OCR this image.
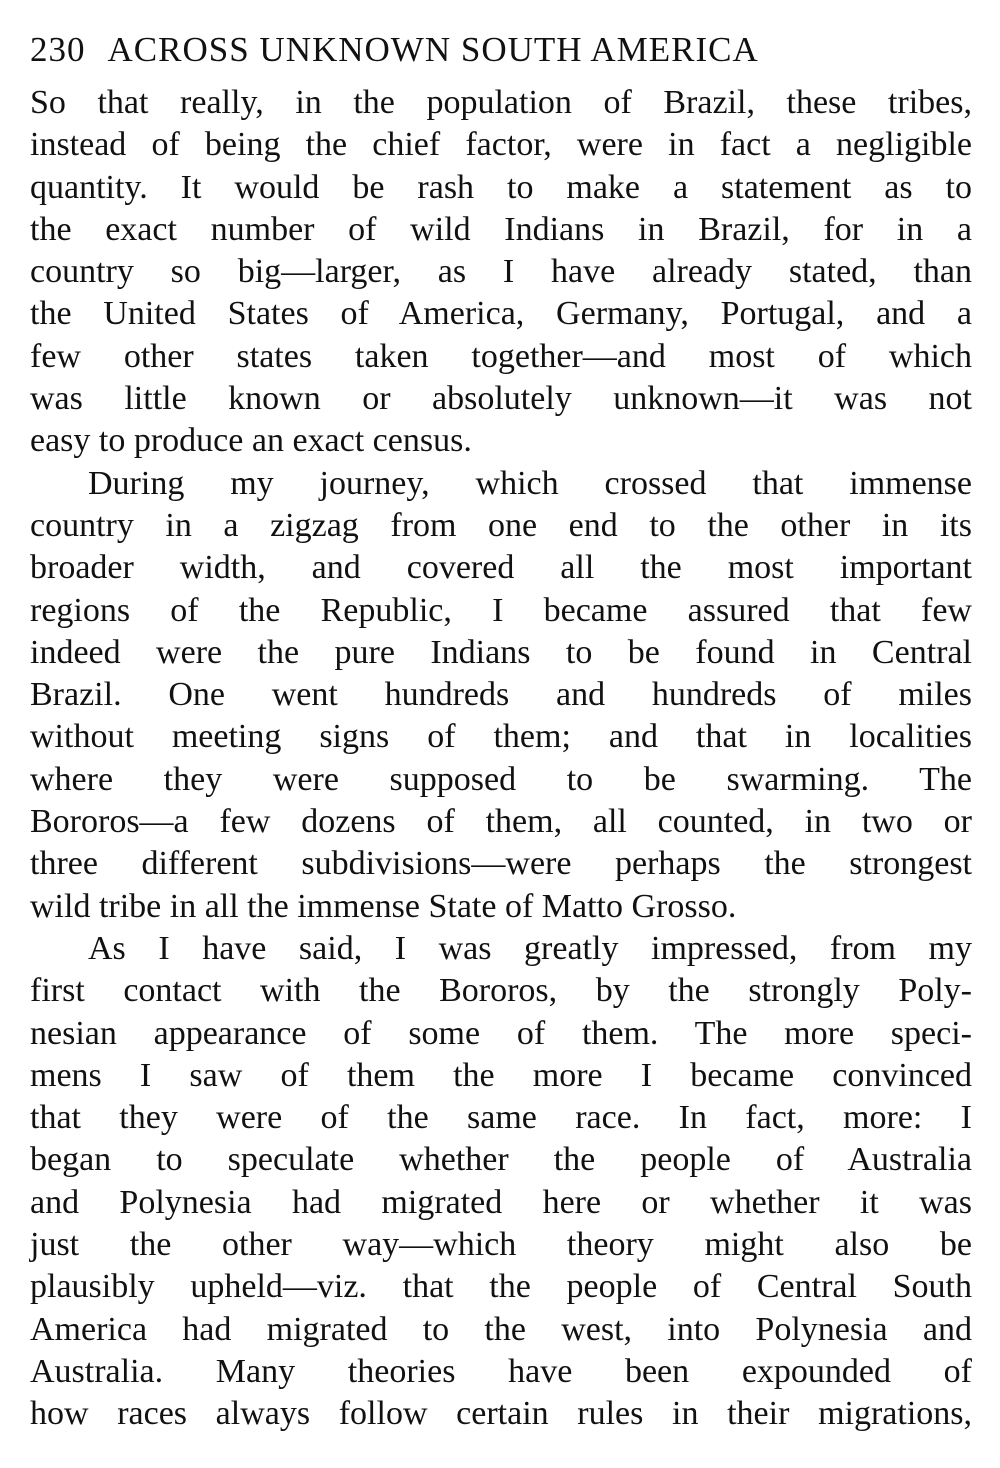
230 ACROSS UNKNOWN SOUTH AMERICA
So that really, in the population of Brazil, these tribes,
instead of being the chief factor, were in fact a negligible
quantity. It would be rash to make a statement as to
the exact number of wild Indians in Brazil, for in a
country so big—larger, as I have already stated, than
the United States of America, Germany, Portugal, and a
few other states taken together—and most of which
was little known or absolutely unknown—it was not
easy to produce an exact census.
During my journey, which crossed that immense
country in a zigzag from one end to the other in its
broader width, and covered all the most important
regions of the Republic, I became assured that few
indeed were the pure Indians to be found in Central
Brazil. One went hundreds and hundreds of miles
without meeting signs of them; and that in localities
where they were supposed to be swarming. The
Bororos—a few dozens of them, all counted, in two or
three different subdivisions—were perhaps the strongest
wild tribe in all the immense State of Matto Grosso.
As I have said, I was greatly impressed, from my
first contact with the Bororos, by the strongly Poly-
nesian appearance of some of them. The more speci-
mens I saw of them the more I became convinced
that they were of the same race. In fact, more: I
began to speculate whether the people of Australia
and Polynesia had migrated here or whether it was
just the other way—which theory might also be
plausibly upheld—viz. that the people of Central South
America had migrated to the west, into Polynesia and
Australia. Many theories have been expounded of
how races always follow certain rules in their migrations,
